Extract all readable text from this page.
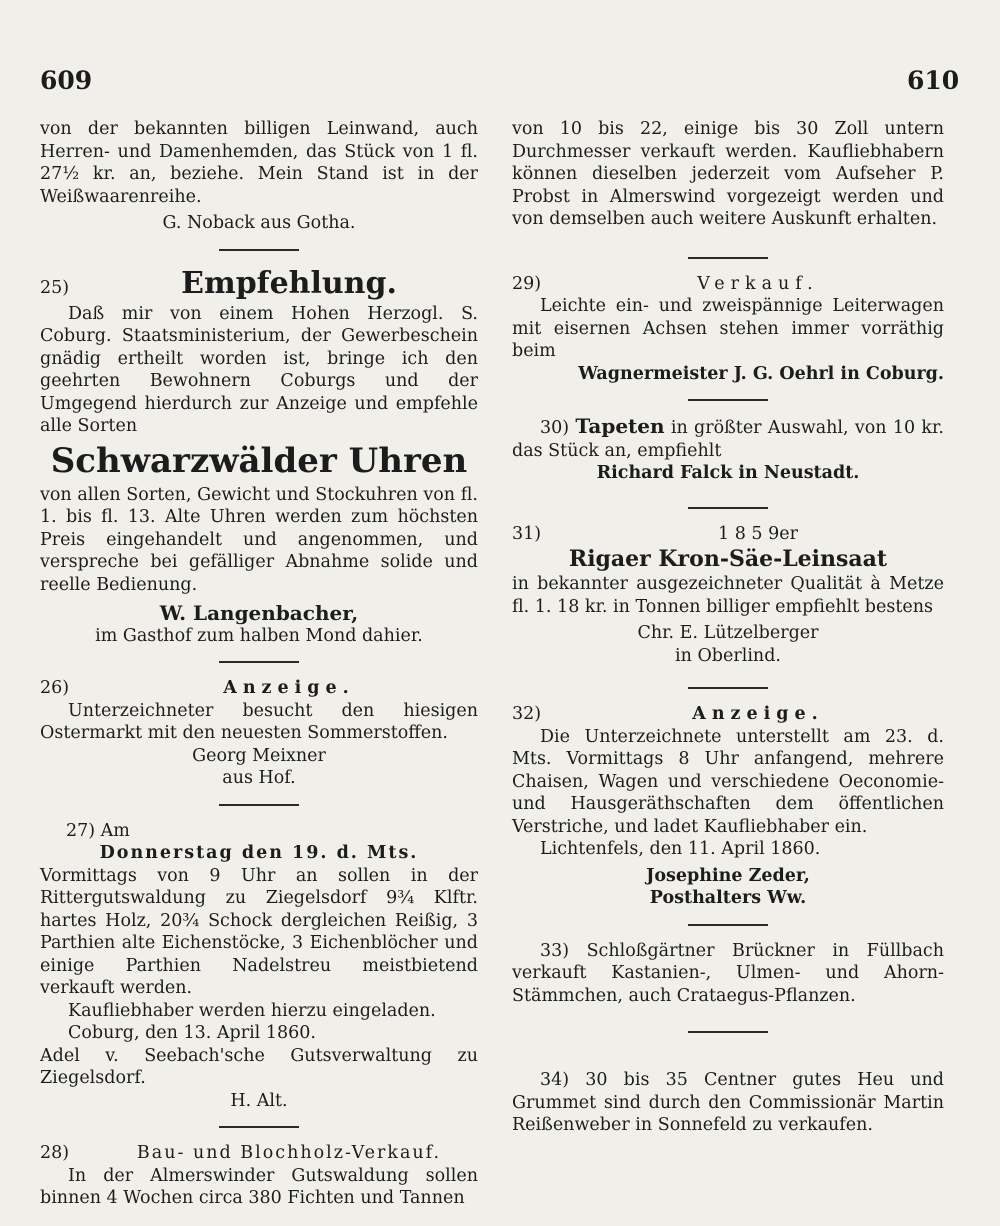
609	610

von der bekannten billigen Leinwand, auch Herren- und Damenhemden, das Stück von 1 fl. 27½ kr. an, beziehe. Mein Stand ist in der Weißwaarenreihe.

G. Noback aus Gotha.

25)	Empfehlung.

Daß mir von einem Hohen Herzogl. S. Coburg. Staatsministerium, der Gewerbeschein gnädig ertheilt worden ist, bringe ich den geehrten Bewohnern Coburgs und der Umgegend hierdurch zur Anzeige und empfehle alle Sorten

Schwarzwälder Uhren

von allen Sorten, Gewicht und Stockuhren von fl. 1. bis fl. 13. Alte Uhren werden zum höchsten Preis eingehandelt und angenommen, und verspreche bei gefälliger Abnahme solide und reelle Bedienung.

W. Langenbacher,

im Gasthof zum halben Mond dahier.

26)	Anzeige.

Unterzeichneter besucht den hiesigen Ostermarkt mit den neuesten Sommerstoffen.

Georg Meixner

aus Hof.

27) Am

Donnerstag den 19. d. Mts.

Vormittags von 9 Uhr an sollen in der Rittergutswaldung zu Ziegelsdorf 9¾ Klftr. hartes Holz, 20¾ Schock dergleichen Reißig, 3 Parthien alte Eichenstöcke, 3 Eichenblöcher und einige Parthien Nadelstreu meistbietend verkauft werden.

Kaufliebhaber werden hierzu eingeladen.

Coburg, den 13. April 1860.

Adel v. Seebach'sche Gutsverwaltung zu Ziegelsdorf.

H. Alt.

28)	Bau- und Blochholz-Verkauf.

In der Almerswinder Gutswaldung sollen binnen 4 Wochen circa 380 Fichten und Tannen

von 10 bis 22, einige bis 30 Zoll untern Durchmesser verkauft werden. Kaufliebhabern können dieselben jederzeit vom Aufseher P. Probst in Almerswind vorgezeigt werden und von demselben auch weitere Auskunft erhalten.

29)	Verkauf.

Leichte ein- und zweispännige Leiterwagen mit eisernen Achsen stehen immer vorräthig beim

Wagnermeister J. G. Oehrl in Coburg.

30) Tapeten in größter Auswahl, von 10 kr. das Stück an, empfiehlt

Richard Falck in Neustadt.

31)	1 8 5 9er

Rigaer Kron-Säe-Leinsaat

in bekannter ausgezeichneter Qualität à Metze fl. 1. 18 kr. in Tonnen billiger empfiehlt bestens

Chr. E. Lützelberger

in Oberlind.

32)	Anzeige.

Die Unterzeichnete unterstellt am 23. d. Mts. Vormittags 8 Uhr anfangend, mehrere Chaisen, Wagen und verschiedene Oeconomie- und Hausgeräthschaften dem öffentlichen Verstriche, und ladet Kaufliebhaber ein.

Lichtenfels, den 11. April 1860.

Josephine Zeder,

Posthalters Ww.

33) Schloßgärtner Brückner in Füllbach verkauft Kastanien-, Ulmen- und Ahorn-Stämmchen, auch Crataegus-Pflanzen.

34) 30 bis 35 Centner gutes Heu und Grummet sind durch den Commissionär Martin Reißenweber in Sonnefeld zu verkaufen.
